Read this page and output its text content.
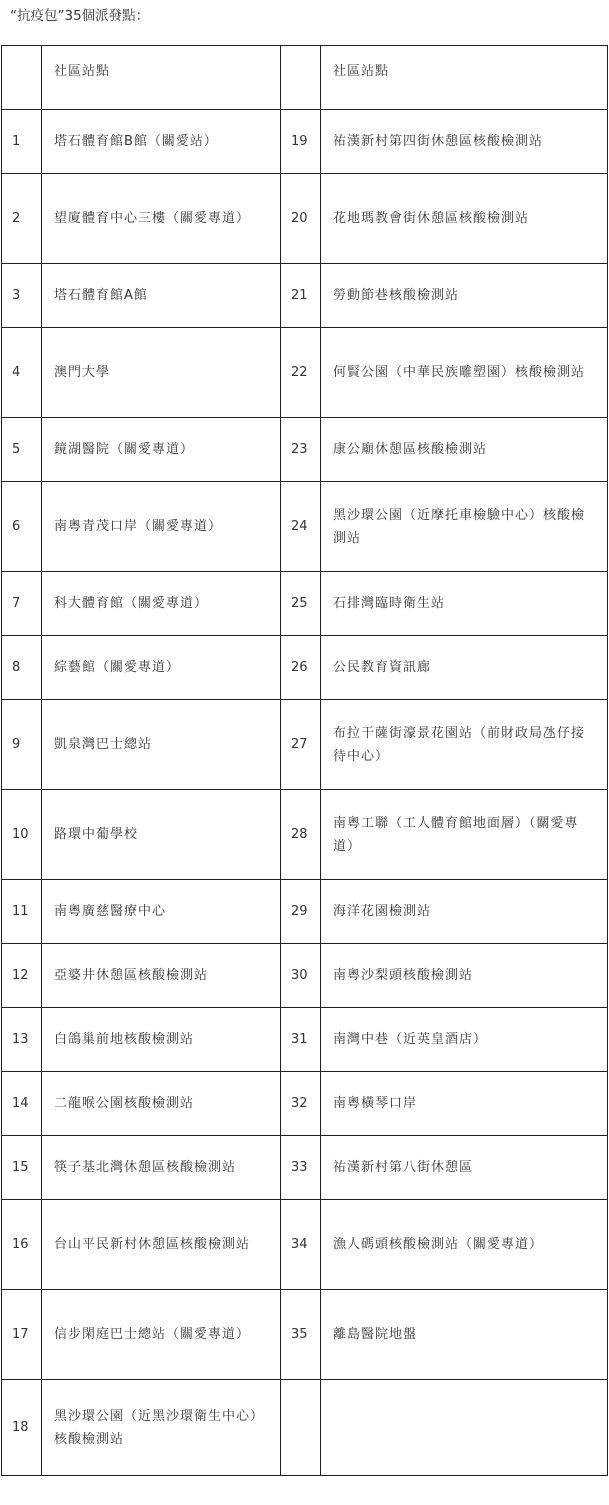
“抗疫包”35個派發點：
	社區站點		社區站點
1	塔石體育館B館（關愛站）	19	祐漢新村第四街休憩區核酸檢測站
2	望廈體育中心三樓（關愛專道）	20	花地瑪教會街休憩區核酸檢測站
3	塔石體育館A館	21	勞動節巷核酸檢測站
4	澳門大學	22	何賢公園（中華民族雕塑園）核酸檢測站
5	鏡湖醫院（關愛專道）	23	康公廟休憩區核酸檢測站
6	南粵青茂口岸（關愛專道）	24	黑沙環公園（近摩托車檢驗中心）核酸檢測站
7	科大體育館（關愛專道）	25	石排灣臨時衛生站
8	綜藝館（關愛專道）	26	公民教育資訊廊
9	凱泉灣巴士總站	27	布拉干薩街濠景花園站（前財政局氹仔接待中心）
10	路環中葡學校	28	南粵工聯（工人體育館地面層）（關愛專道）
11	南粵廣慈醫療中心	29	海洋花園檢測站
12	亞婆井休憩區核酸檢測站	30	南粵沙梨頭核酸檢測站
13	白鴿巢前地核酸檢測站	31	南灣中巷（近英皇酒店）
14	二龍喉公園核酸檢測站	32	南粵橫琴口岸
15	筷子基北灣休憩區核酸檢測站	33	祐漢新村第八街休憩區
16	台山平民新村休憩區核酸檢測站	34	漁人碼頭核酸檢測站（關愛專道）
17	信步閑庭巴士總站（關愛專道）	35	離島醫院地盤
18	黑沙環公園（近黑沙環衛生中心）核酸檢測站		
